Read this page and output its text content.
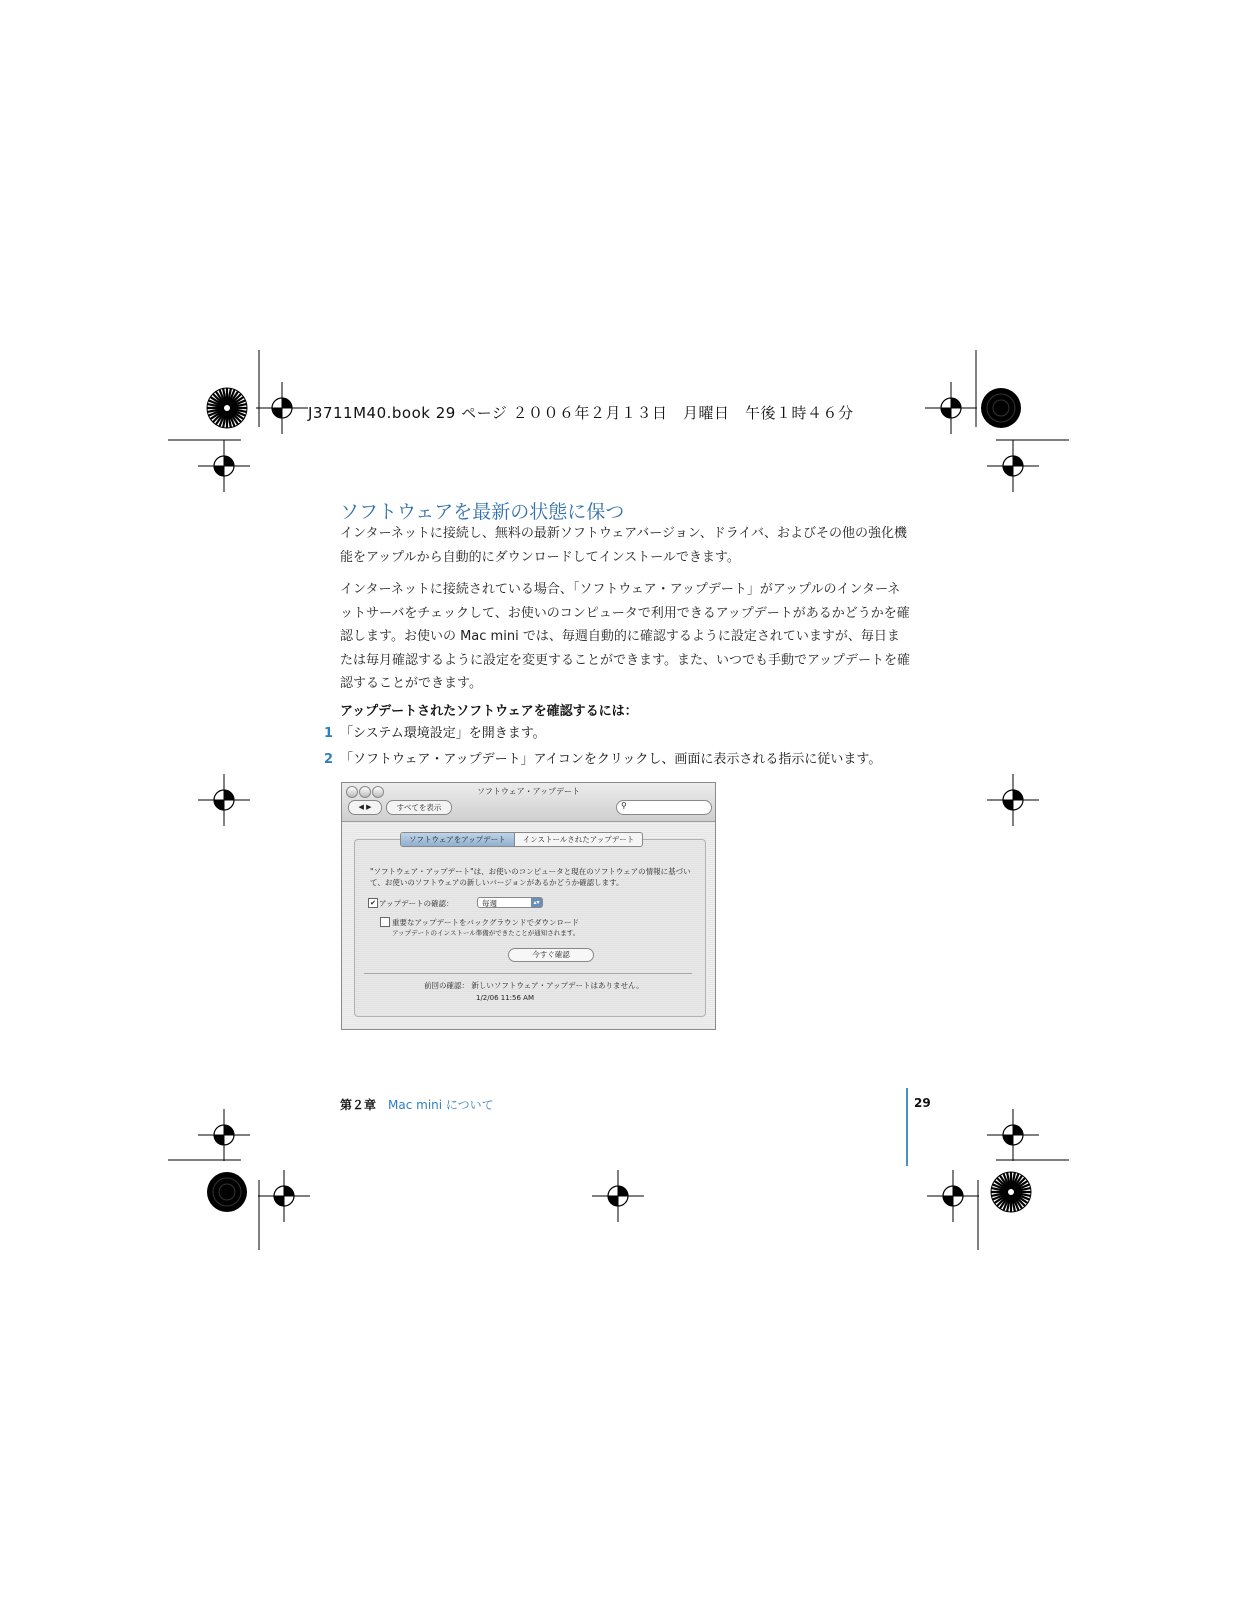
J3711M40.book 29 ページ ２００６年２月１３日　月曜日　午後１時４６分
ソフトウェアを最新の状態に保つ
インターネットに接続し、無料の最新ソフトウェアバージョン、ドライバ、およびその他の強化機能をアップルから自動的にダウンロードしてインストールできます。
インターネットに接続されている場合、「ソフトウェア・アップデート」がアップルのインターネットサーバをチェックして、お使いのコンピュータで利用できるアップデートがあるかどうかを確認します。お使いの Mac mini では、毎週自動的に確認するように設定されていますが、毎日または毎月確認するように設定を変更することができます。また、いつでも手動でアップデートを確認することができます。
アップデートされたソフトウェアを確認するには：
1 「システム環境設定」を開きます。
2 「ソフトウェア・アップデート」アイコンをクリックし、画面に表示される指示に従います。
ソフトウェア・アップデート
◀ ▶	すべてを表示	⚲
ソフトウェアをアップデート インストールされたアップデート
"ソフトウェア・アップデート"は、お使いのコンピュータと現在のソフトウェアの情報に基づいて、お使いのソフトウェアの新しいバージョンがあるかどうか確認します。
✔ アップデートの確認：	毎週	▴▾
重要なアップデートをバックグラウンドでダウンロード
アップデートのインストール準備ができたことが通知されます。
今すぐ確認
前回の確認： 新しいソフトウェア・アップデートはありません。
1/2/06 11:56 AM
第２章 Mac mini について	29
